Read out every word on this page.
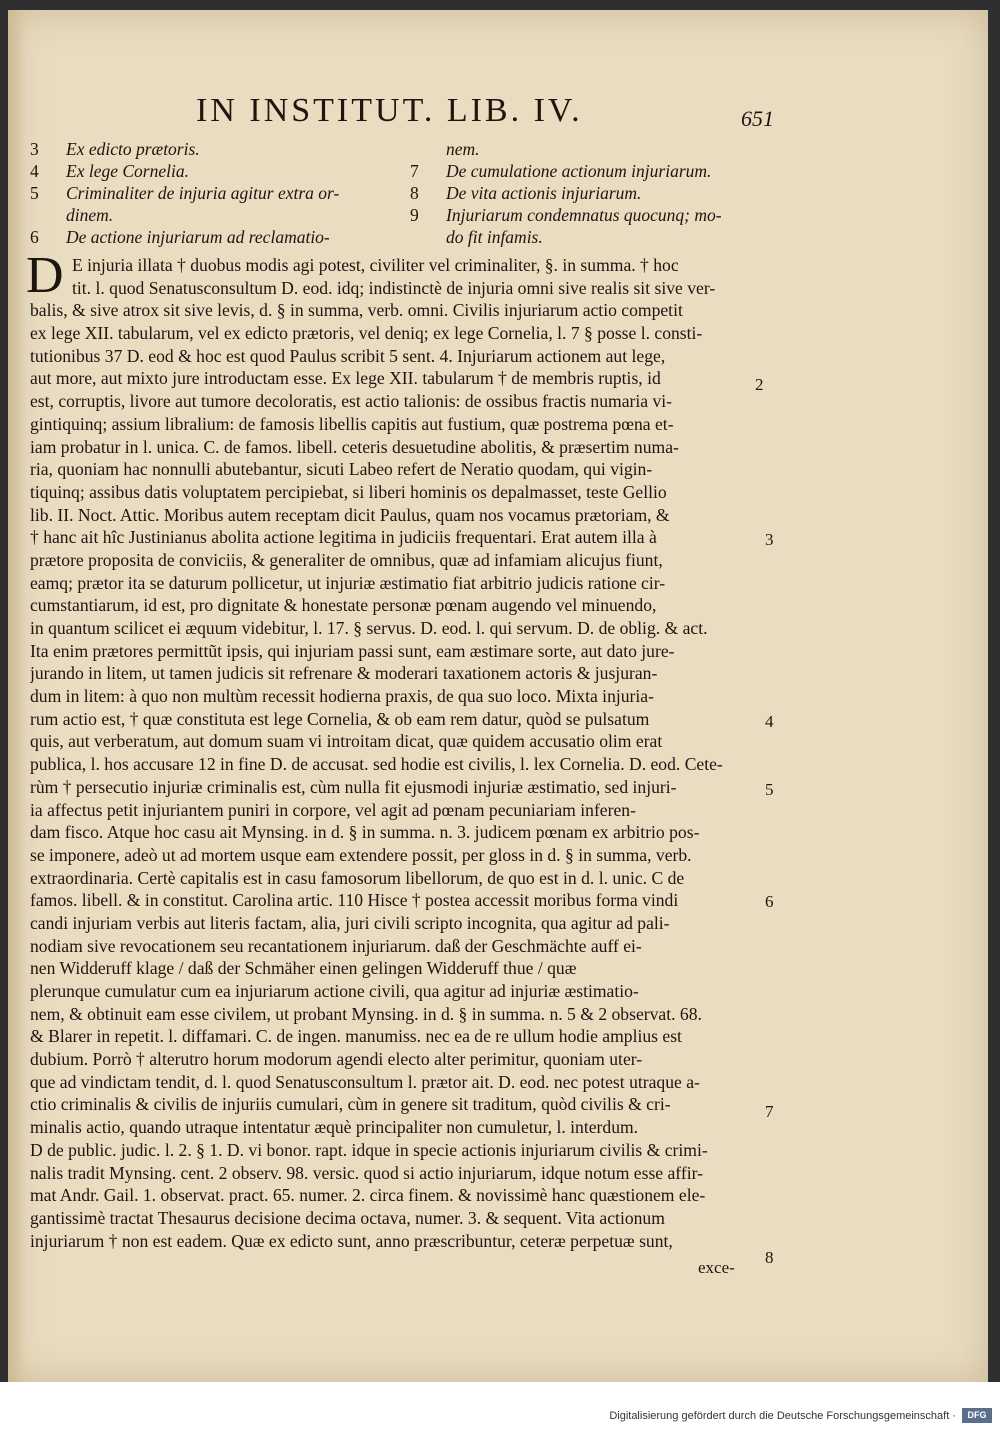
IN INSTITUT. LIB. IV.	651
3	Ex edicto prætoris.
4	Ex lege Cornelia.
5	Criminaliter de injuria agitur extra or-
dinem.
6	De actione injuriarum ad reclamatio-
nem.
7	De cumulatione actionum injuriarum.
8	De vita actionis injuriarum.
9	Injuriarum condemnatus quocunq; mo-
do fit infamis.
D E injuria illata † duobus modis agi potest, civiliter vel criminaliter, §. in summa. † hoc
tit. l. quod Senatusconsultum D. eod. idq; indistinctè de injuria omni sive realis sit sive ver-
balis, & sive atrox sit sive levis, d. § in summa, verb. omni. Civilis injuriarum actio competit
ex lege XII. tabularum, vel ex edicto prætoris, vel deniq; ex lege Cornelia, l. 7 § posse l. consti-
tutionibus 37 D. eod & hoc est quod Paulus scribit 5 sent. 4. Injuriarum actionem aut lege,
aut more, aut mixto jure introductam esse. Ex lege XII. tabularum † de membris ruptis, id
est, corruptis, livore aut tumore decoloratis, est actio talionis: de ossibus fractis numaria vi-
gintiquinq; assium libralium: de famosis libellis capitis aut fustium, quæ postrema pœna et-
iam probatur in l. unica. C. de famos. libell. ceteris desuetudine abolitis, & præsertim numa-
ria, quoniam hac nonnulli abutebantur, sicuti Labeo refert de Neratio quodam, qui vigin-
tiquinq; assibus datis voluptatem percipiebat, si liberi hominis os depalmasset, teste Gellio
lib. II. Noct. Attic. Moribus autem receptam dicit Paulus, quam nos vocamus prætoriam, &
† hanc ait hîc Justinianus abolita actione legitima in judiciis frequentari. Erat autem illa à
prætore proposita de conviciis, & generaliter de omnibus, quæ ad infamiam alicujus fiunt,
eamq; prætor ita se daturum pollicetur, ut injuriæ æstimatio fiat arbitrio judicis ratione cir-
cumstantiarum, id est, pro dignitate & honestate personæ pœnam augendo vel minuendo,
in quantum scilicet ei æquum videbitur, l. 17. § servus. D. eod. l. qui servum. D. de oblig. & act.
Ita enim prætores permittũt ipsis, qui injuriam passi sunt, eam æstimare sorte, aut dato jure-
jurando in litem, ut tamen judicis sit refrenare & moderari taxationem actoris & jusjuran-
dum in litem: à quo non multùm recessit hodierna praxis, de qua suo loco. Mixta injuria-
rum actio est, † quæ constituta est lege Cornelia, & ob eam rem datur, quòd se pulsatum
quis, aut verberatum, aut domum suam vi introitam dicat, quæ quidem accusatio olim erat
publica, l. hos accusare 12 in fine D. de accusat. sed hodie est civilis, l. lex Cornelia. D. eod. Cete-
rùm † persecutio injuriæ criminalis est, cùm nulla fit ejusmodi injuriæ æstimatio, sed injuri-
ia affectus petit injuriantem puniri in corpore, vel agit ad pœnam pecuniariam inferen-
dam fisco. Atque hoc casu ait Mynsing. in d. § in summa. n. 3. judicem pœnam ex arbitrio pos-
se imponere, adeò ut ad mortem usque eam extendere possit, per gloss in d. § in summa, verb.
extraordinaria. Certè capitalis est in casu famosorum libellorum, de quo est in d. l. unic. C de
famos. libell. & in constitut. Carolina artic. 110 Hisce † postea accessit moribus forma vindi
candi injuriam verbis aut literis factam, alia, juri civili scripto incognita, qua agitur ad pali-
nodiam sive revocationem seu recantationem injuriarum. daß der Geschmächte auff ei-
nen Widderuff klage / daß der Schmäher einen gelingen Widderuff thue / quæ
plerunque cumulatur cum ea injuriarum actione civili, qua agitur ad injuriæ æstimatio-
nem, & obtinuit eam esse civilem, ut probant Mynsing. in d. § in summa. n. 5 & 2 observat. 68.
& Blarer in repetit. l. diffamari. C. de ingen. manumiss. nec ea de re ullum hodie amplius est
dubium. Porrò † alterutro horum modorum agendi electo alter perimitur, quoniam uter-
que ad vindictam tendit, d. l. quod Senatusconsultum l. prætor ait. D. eod. nec potest utraque a-
ctio criminalis & civilis de injuriis cumulari, cùm in genere sit traditum, quòd civilis & cri-
minalis actio, quando utraque intentatur æquè principaliter non cumuletur, l. interdum.
D de public. judic. l. 2. § 1. D. vi bonor. rapt. idque in specie actionis injuriarum civilis & crimi-
nalis tradit Mynsing. cent. 2 observ. 98. versic. quod si actio injuriarum, idque notum esse affir-
mat Andr. Gail. 1. observat. pract. 65. numer. 2. circa finem. & novissimè hanc quæstionem ele-
gantissimè tractat Thesaurus decisione decima octava, numer. 3. & sequent. Vita actionum
injuriarum † non est eadem. Quæ ex edicto sunt, anno præscribuntur, ceteræ perpetuæ sunt,
2
3
4
5
6
7
8
exce-
Digitalisierung gefördert durch die Deutsche Forschungsgemeinschaft ·	DFG
